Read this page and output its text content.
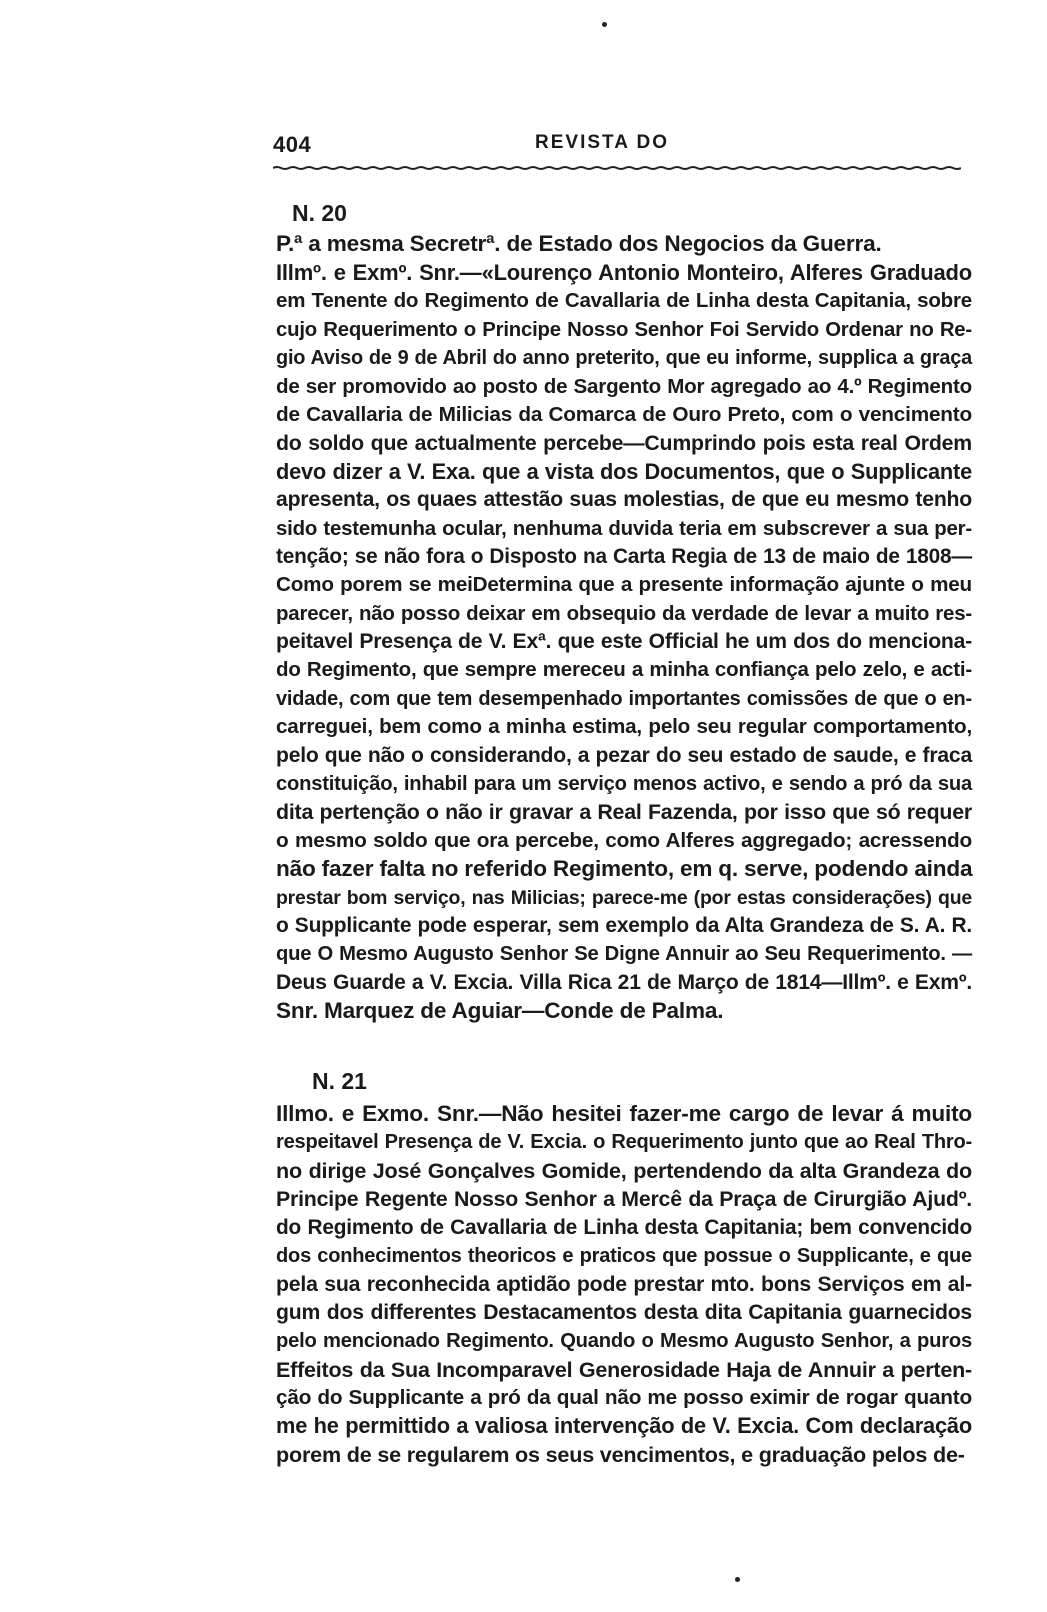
404	REVISTA DO
N. 20
P.ª a mesma Secretrª. de Estado dos Negocios da Guerra.
Illmº. e Exmº. Snr.—«Lourenço Antonio Monteiro, Alferes Graduado
em Tenente do Regimento de Cavallaria de Linha desta Capitania, sobre
cujo Requerimento o Principe Nosso Senhor Foi Servido Ordenar no Re-
gio Aviso de 9 de Abril do anno preterito, que eu informe, supplica a graça
de ser promovido ao posto de Sargento Mor agregado ao 4.º Regimento
de Cavallaria de Milicias da Comarca de Ouro Preto, com o vencimento
do soldo que actualmente percebe—Cumprindo pois esta real Ordem
devo dizer a V. Exa. que a vista dos Documentos, que o Supplicante
apresenta, os quaes attestão suas molestias, de que eu mesmo tenho
sido testemunha ocular, nenhuma duvida teria em subscrever a sua per-
tenção; se não fora o Disposto na Carta Regia de 13 de maio de 1808—
Como porem se meiDetermina que a presente informação ajunte o meu
parecer, não posso deixar em obsequio da verdade de levar a muito res-
peitavel Presença de V. Exª. que este Official he um dos do menciona-
do Regimento, que sempre mereceu a minha confiança pelo zelo, e acti-
vidade, com que tem desempenhado importantes comissões de que o en-
carreguei, bem como a minha estima, pelo seu regular comportamento,
pelo que não o considerando, a pezar do seu estado de saude, e fraca
constituição, inhabil para um serviço menos activo, e sendo a pró da sua
dita pertenção o não ir gravar a Real Fazenda, por isso que só requer
o mesmo soldo que ora percebe, como Alferes aggregado; acressendo
não fazer falta no referido Regimento, em q. serve, podendo ainda
prestar bom serviço, nas Milicias; parece-me (por estas considerações) que
o Supplicante pode esperar, sem exemplo da Alta Grandeza de S. A. R.
que O Mesmo Augusto Senhor Se Digne Annuir ao Seu Requerimento. —
Deus Guarde a V. Excia. Villa Rica 21 de Março de 1814—Illmº. e Exmº.
Snr. Marquez de Aguiar—Conde de Palma.
N. 21
Illmo. e Exmo. Snr.—Não hesitei fazer-me cargo de levar á muito
respeitavel Presença de V. Excia. o Requerimento junto que ao Real Thro-
no dirige José Gonçalves Gomide, pertendendo da alta Grandeza do
Principe Regente Nosso Senhor a Mercê da Praça de Cirurgião Ajudº.
do Regimento de Cavallaria de Linha desta Capitania; bem convencido
dos conhecimentos theoricos e praticos que possue o Supplicante, e que
pela sua reconhecida aptidão pode prestar mto. bons Serviços em al-
gum dos differentes Destacamentos desta dita Capitania guarnecidos
pelo mencionado Regimento. Quando o Mesmo Augusto Senhor, a puros
Effeitos da Sua Incomparavel Generosidade Haja de Annuir a perten-
ção do Supplicante a pró da qual não me posso eximir de rogar quanto
me he permittido a valiosa intervenção de V. Excia. Com declaração
porem de se regularem os seus vencimentos, e graduação pelos de-
